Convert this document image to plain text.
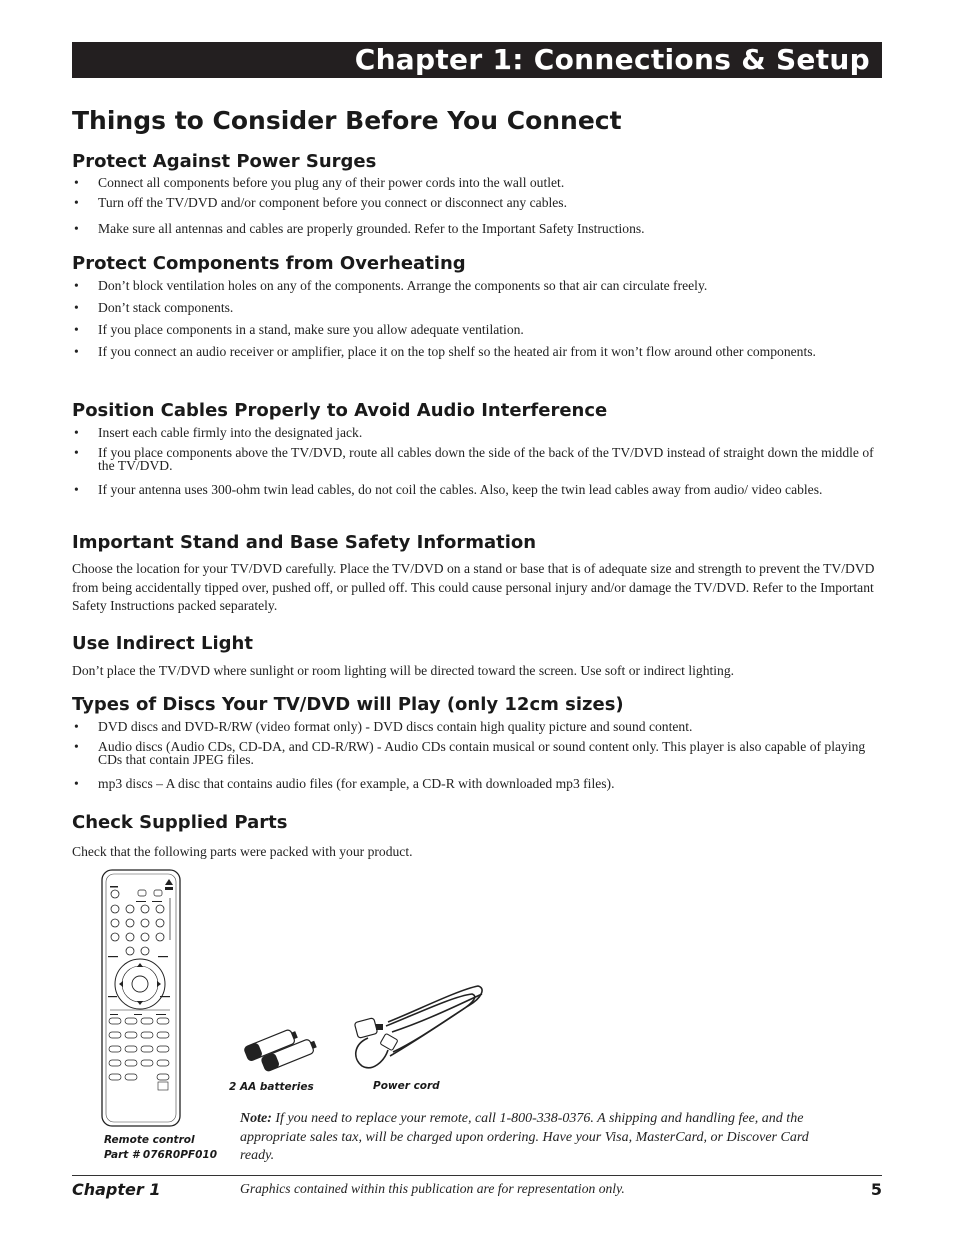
Chapter 1: Connections & Setup
Things to Consider Before You Connect
Protect Against Power Surges
• Connect all components before you plug any of their power cords into the wall outlet.
• Turn off the TV/DVD and/or component before you connect or disconnect any cables.
• Make sure all antennas and cables are properly grounded. Refer to the Important Safety Instructions.
Protect Components from Overheating
• Don’t block ventilation holes on any of the components. Arrange the components so that air can circulate freely.
• Don’t stack components.
• If you place components in a stand, make sure you allow adequate ventilation.
• If you connect an audio receiver or amplifier, place it on the top shelf so the heated air from it won’t flow around other components.
Position Cables Properly to Avoid Audio Interference
• Insert each cable firmly into the designated jack.
• If you place components above the TV/DVD, route all cables down the side of the back of the TV/DVD instead of straight down the middle of the TV/DVD.
• If your antenna uses 300-ohm twin lead cables, do not coil the cables. Also, keep the twin lead cables away from audio/ video cables.
Important Stand and Base Safety Information

Choose the location for your TV/DVD carefully. Place the TV/DVD on a stand or base that is of adequate size and strength to prevent the TV/DVD from being accidentally tipped over, pushed off, or pulled off. This could cause personal injury and/or damage the TV/DVD. Refer to the Important Safety Instructions packed separately.

Use Indirect Light

Don’t place the TV/DVD where sunlight or room lighting will be directed toward the screen. Use soft or indirect lighting.

Types of Discs Your TV/DVD will Play (only 12cm sizes)
• DVD discs and DVD-R/RW (video format only) - DVD discs contain high quality picture and sound content.
• Audio discs (Audio CDs, CD-DA, and CD-R/RW) - Audio CDs contain musical or sound content only. This player is also capable of playing CDs that contain JPEG files.
• mp3 discs – A disc that contains audio files (for example, a CD-R with downloaded mp3 files).
Check Supplied Parts

Check that the following parts were packed with your product.

Remote control
Part # 076R0PF010
2 AA batteries	Power cord

Note: If you need to replace your remote, call 1-800-338-0376. A shipping and handling fee, and the appropriate sales tax, will be charged upon ordering. Have your Visa, MasterCard, or Discover Card ready.

Chapter 1	Graphics contained within this publication are for representation only.	5
